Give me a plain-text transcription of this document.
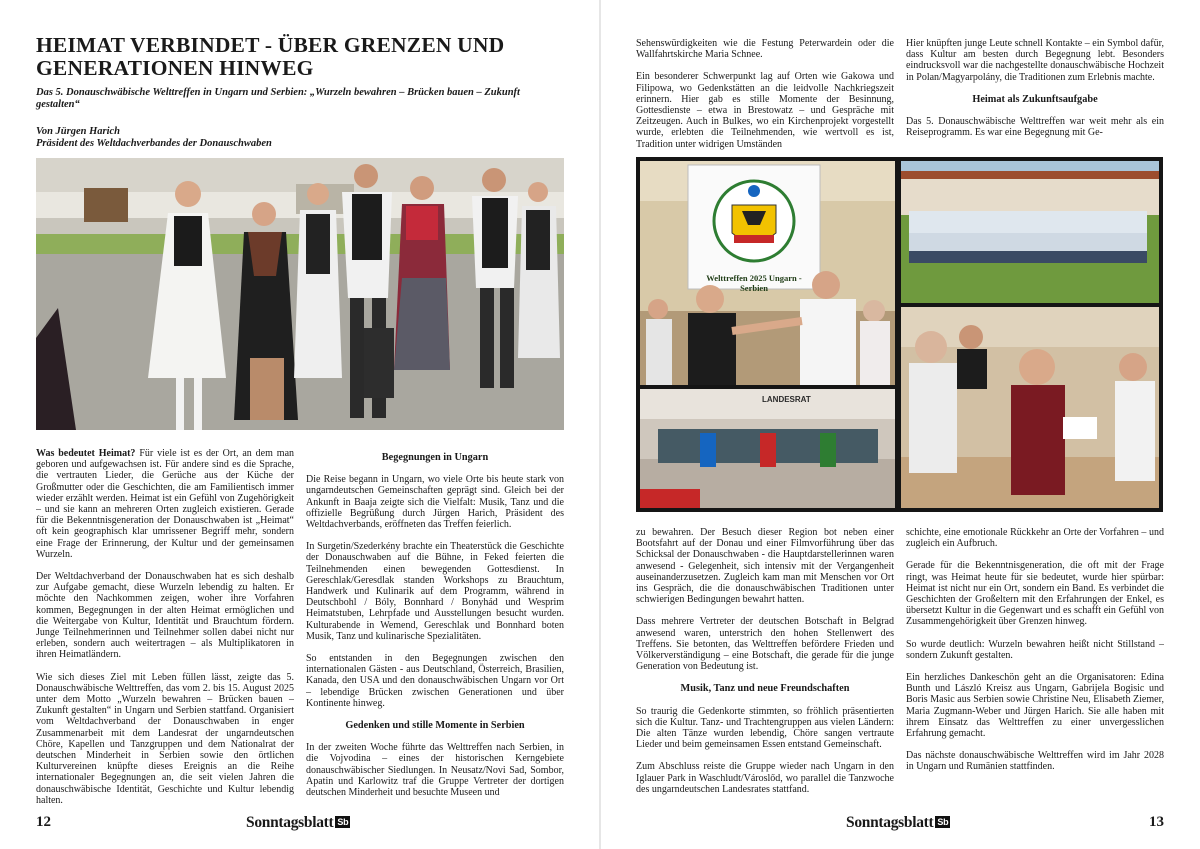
HEIMAT VERBINDET - ÜBER GRENZEN UND GENERATIONEN HINWEG

Das 5. Donauschwäbische Welttreffen in Ungarn und Serbien: „Wurzeln bewahren – Brücken bauen – Zukunft gestalten“

Von Jürgen Harich
Präsident des Weltdachverbandes der Donauschwaben

Was bedeutet Heimat? Für viele ist es der Ort, an dem man geboren und aufgewachsen ist. Für andere sind es die Sprache, die vertrauten Lieder, die Gerüche aus der Küche der Großmutter oder die Geschichten, die am Familientisch immer wieder erzählt werden. Heimat ist ein Gefühl von Zugehörigkeit – und sie kann an mehreren Orten zugleich existieren. Gerade für die Bekenntnisgeneration der Donauschwaben ist „Heimat“ oft kein geographisch klar umrissener Begriff mehr, sondern eine Frage der Erinnerung, der Kultur und der gemeinsamen Wurzeln.

Der Weltdachverband der Donauschwaben hat es sich deshalb zur Aufgabe gemacht, diese Wurzeln lebendig zu halten. Er möchte den Nachkommen zeigen, woher ihre Vorfahren kommen, Begegnungen in der alten Heimat ermöglichen und die Weitergabe von Kultur, Identität und Brauchtum fördern. Junge Teilnehmerinnen und Teilnehmer sollen dabei nicht nur erleben, sondern auch weitertragen – als Multiplikatoren in ihren Heimatländern.

Wie sich dieses Ziel mit Leben füllen lässt, zeigte das 5. Donauschwäbische Welttreffen, das vom 2. bis 15. August 2025 unter dem Motto „Wurzeln bewahren – Brücken bauen – Zukunft gestalten“ in Ungarn und Serbien stattfand. Organisiert vom Weltdachverband der Donauschwaben in enger Zusammenarbeit mit dem Landesrat der ungarndeutschen Chöre, Kapellen und Tanzgruppen und dem Nationalrat der deutschen Minderheit in Serbien sowie den örtlichen Kulturvereinen knüpfte dieses Ereignis an die Reihe internationaler Begegnungen an, die seit vielen Jahren die donauschwäbische Identität, Geschichte und Kultur lebendig halten.

Begegnungen in Ungarn

Die Reise begann in Ungarn, wo viele Orte bis heute stark von ungarndeutschen Gemeinschaften geprägt sind. Gleich bei der Ankunft in Baaja zeigte sich die Vielfalt: Musik, Tanz und die offizielle Begrüßung durch Jürgen Harich, Präsident des Weltdachverbands, eröffneten das Treffen feierlich.

In Surgetin/Szederkény brachte ein Theaterstück die Geschichte der Donauschwaben auf die Bühne, in Feked feierten die Teilnehmenden einen bewegenden Gottesdienst. In Gereschlak/Geresdlak standen Workshops zu Brauchtum, Handwerk und Kulinarik auf dem Programm, während in Deutschbohl / Bóly, Bonnhard / Bonyhád und Wesprim Heimatstuben, Lehrpfade und Ausstellungen besucht wurden. Kulturabende in Wemend, Gereschlak und Bonnhard boten Musik, Tanz und kulinarische Spezialitäten.

So entstanden in den Begegnungen zwischen den internationalen Gästen - aus Deutschland, Österreich, Brasilien, Kanada, den USA und den donauschwäbischen Ungarn vor Ort – lebendige Brücken zwischen Generationen und über Kontinente hinweg.

Gedenken und stille Momente in Serbien

In der zweiten Woche führte das Welttreffen nach Serbien, in die Vojvodina – eines der historischen Kerngebiete donauschwäbischer Siedlungen. In Neusatz/Novi Sad, Sombor, Apatin und Karlowitz traf die Gruppe Vertreter der dortigen deutschen Minderheit und besuchte Museen und

12	Sonntagsblatt Sb

Sehenswürdigkeiten wie die Festung Peterwardein oder die Wallfahrtskirche Maria Schnee.

Ein besonderer Schwerpunkt lag auf Orten wie Gakowa und Filipowa, wo Gedenkstätten an die leidvolle Nachkriegszeit erinnern. Hier gab es stille Momente der Besinnung, Gottesdienste – etwa in Brestowatz – und Gespräche mit Zeitzeugen. Auch in Bulkes, wo ein Kirchenprojekt vorgestellt wurde, erlebten die Teilnehmenden, wie wertvoll es ist, Tradition unter widrigen Umständen

Hier knüpften junge Leute schnell Kontakte – ein Symbol dafür, dass Kultur am besten durch Begegnung lebt. Besonders eindrucksvoll war die nachgestellte donauschwäbische Hochzeit in Polan/Magyarpolány, die Traditionen zum Erlebnis machte.

Heimat als Zukunftsaufgabe

Das 5. Donauschwäbische Welttreffen war weit mehr als ein Reiseprogramm. Es war eine Begegnung mit Ge-

zu bewahren. Der Besuch dieser Region bot neben einer Bootsfahrt auf der Donau und einer Filmvorführung über das Schicksal der Donauschwaben - die Hauptdarstellerinnen waren anwesend - Gelegenheit, sich intensiv mit der Vergangenheit auseinanderzusetzen. Zugleich kam man mit Menschen vor Ort ins Gespräch, die die donauschwäbischen Traditionen unter schwierigen Bedingungen bewahrt hatten.

Dass mehrere Vertreter der deutschen Botschaft in Belgrad anwesend waren, unterstrich den hohen Stellenwert des Treffens. Sie betonten, das Welttreffen befördere Frieden und Völkerverständigung – eine Botschaft, die gerade für die junge Generation von Bedeutung ist.

Musik, Tanz und neue Freundschaften

So traurig die Gedenkorte stimmten, so fröhlich präsentierten sich die Kultur. Tanz- und Trachtengruppen aus vielen Ländern: Die alten Tänze wurden lebendig, Chöre sangen vertraute Lieder und beim gemeinsamen Essen entstand Gemeinschaft.

Zum Abschluss reiste die Gruppe wieder nach Ungarn in den Iglauer Park in Waschludt/Városlőd, wo parallel die Tanzwoche des ungarndeutschen Landesrates stattfand.

schichte, eine emotionale Rückkehr an Orte der Vorfahren – und zugleich ein Aufbruch.

Gerade für die Bekenntnisgeneration, die oft mit der Frage ringt, was Heimat heute für sie bedeutet, wurde hier spürbar: Heimat ist nicht nur ein Ort, sondern ein Band. Es verbindet die Geschichten der Großeltern mit den Erfahrungen der Enkel, es übersetzt Kultur in die Gegenwart und es schafft ein Gefühl von Zusammengehörigkeit über Grenzen hinweg.

So wurde deutlich: Wurzeln bewahren heißt nicht Stillstand – sondern Zukunft gestalten.

Ein herzliches Dankeschön geht an die Organisatoren: Edina Bunth und László Kreisz aus Ungarn, Gabrijela Bogisic und Boris Masic aus Serbien sowie Christine Neu, Elisabeth Ziemer, Maria Zugmann-Weber und Jürgen Harich. Sie alle haben mit ihrem Einsatz das Welttreffen zu einer unvergesslichen Erfahrung gemacht.

Das nächste donauschwäbische Welttreffen wird im Jahr 2028 in Ungarn und Rumänien stattfinden.

Sonntagsblatt Sb	13
Welttreffen 2025 Ungarn - Serbien
LANDESRAT
